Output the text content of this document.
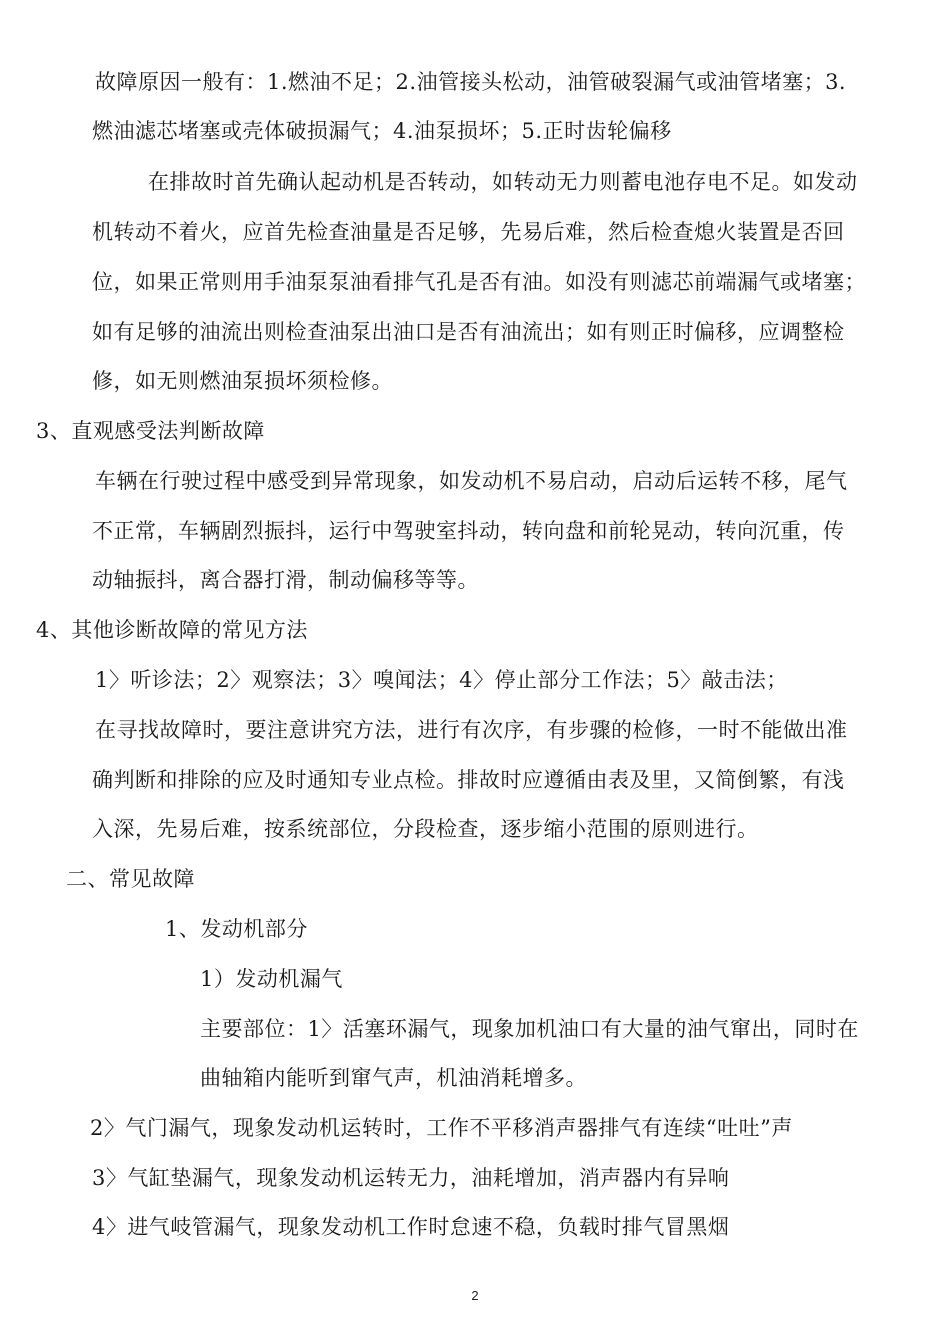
故障原因一般有：1.燃油不足；2.油管接头松动，油管破裂漏气或油管堵塞；3.
燃油滤芯堵塞或壳体破损漏气；4.油泵损坏；5.正时齿轮偏移
在排故时首先确认起动机是否转动，如转动无力则蓄电池存电不足。如发动
机转动不着火，应首先检查油量是否足够，先易后难，然后检查熄火装置是否回
位，如果正常则用手油泵泵油看排气孔是否有油。如没有则滤芯前端漏气或堵塞；
如有足够的油流出则检查油泵出油口是否有油流出；如有则正时偏移，应调整检
修，如无则燃油泵损坏须检修。
3、直观感受法判断故障
车辆在行驶过程中感受到异常现象，如发动机不易启动，启动后运转不移，尾气
不正常，车辆剧烈振抖，运行中驾驶室抖动，转向盘和前轮晃动，转向沉重，传
动轴振抖，离合器打滑，制动偏移等等。
4、其他诊断故障的常见方法
1〉听诊法；2〉观察法；3〉嗅闻法；4〉停止部分工作法；5〉敲击法；
在寻找故障时，要注意讲究方法，进行有次序，有步骤的检修，一时不能做出准
确判断和排除的应及时通知专业点检。排故时应遵循由表及里，又简倒繁，有浅
入深，先易后难，按系统部位，分段检查，逐步缩小范围的原则进行。
二、常见故障
1、发动机部分
1）发动机漏气
主要部位：1〉活塞环漏气，现象加机油口有大量的油气窜出，同时在
曲轴箱内能听到窜气声，机油消耗增多。
2〉气门漏气，现象发动机运转时，工作不平移消声器排气有连续“吐吐”声
3〉气缸垫漏气，现象发动机运转无力，油耗增加，消声器内有异响
4〉进气岐管漏气，现象发动机工作时怠速不稳，负载时排气冒黑烟
2
